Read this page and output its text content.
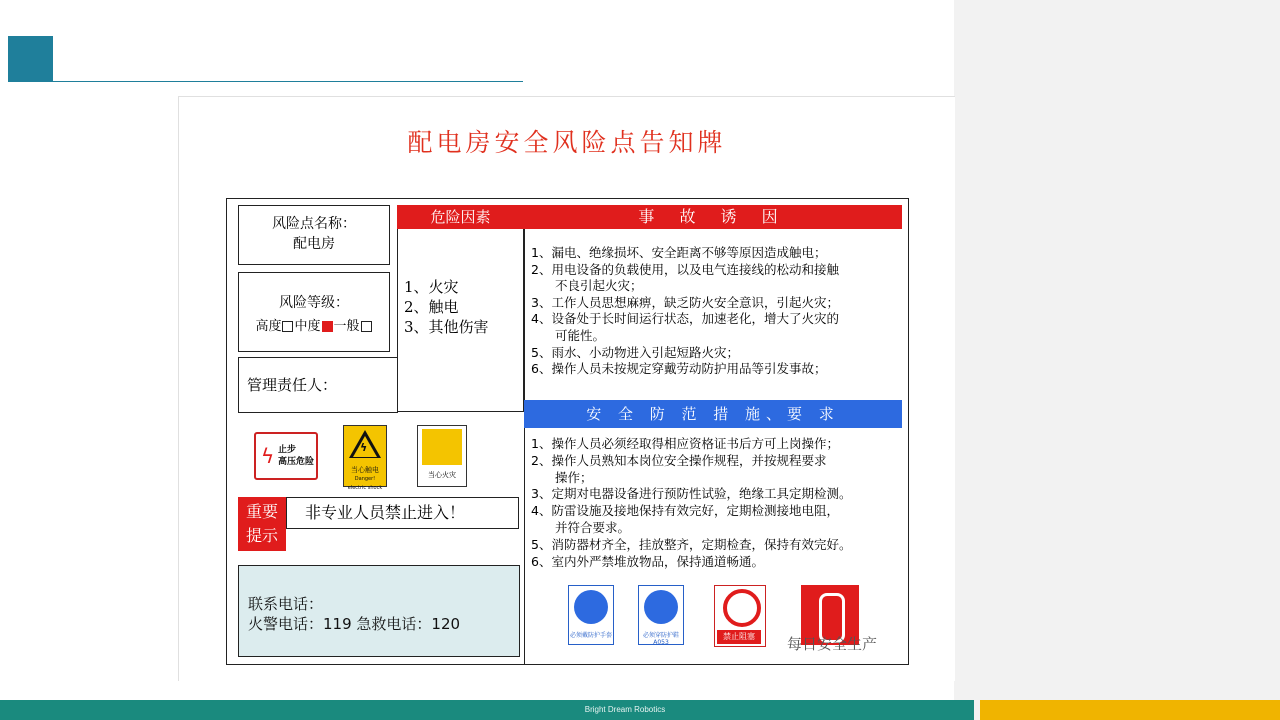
配电房安全风险点告知牌
风险点名称：
配电房
风险等级：
高度 中度 一般
管理责任人：
危险因素
1、火灾
2、触电
3、其他伤害
事 故 诱 因
1、漏电、绝缘损坏、安全距离不够等原因造成触电；
2、用电设备的负载使用，以及电气连接线的松动和接触
不良引起火灾；
3、工作人员思想麻痹，缺乏防火安全意识，引起火灾；
4、设备处于长时间运行状态，加速老化，增大了火灾的
可能性。
5、雨水、小动物进入引起短路火灾；
6、操作人员未按规定穿戴劳动防护用品等引发事故；
安 全 防 范 措 施、要 求
1、操作人员必须经取得相应资格证书后方可上岗操作；
2、操作人员熟知本岗位安全操作规程，并按规程要求
操作；
3、定期对电器设备进行预防性试验，绝缘工具定期检测。
4、防雷设施及接地保持有效完好，定期检测接地电阻，
并符合要求。
5、消防器材齐全，挂放整齐，定期检查，保持有效完好。
6、室内外严禁堆放物品，保持通道畅通。
ϟ 止步
高压危险
ϟ
当心触电
Danger! electric shock
当心火灾
重要
提示
非专业人员禁止进入！
联系电话：
火警电话：119 急救电话：120
必须戴防护手套	必须穿防护鞋
A053
禁止阻塞	每日安全生产
Bright Dream Robotics
